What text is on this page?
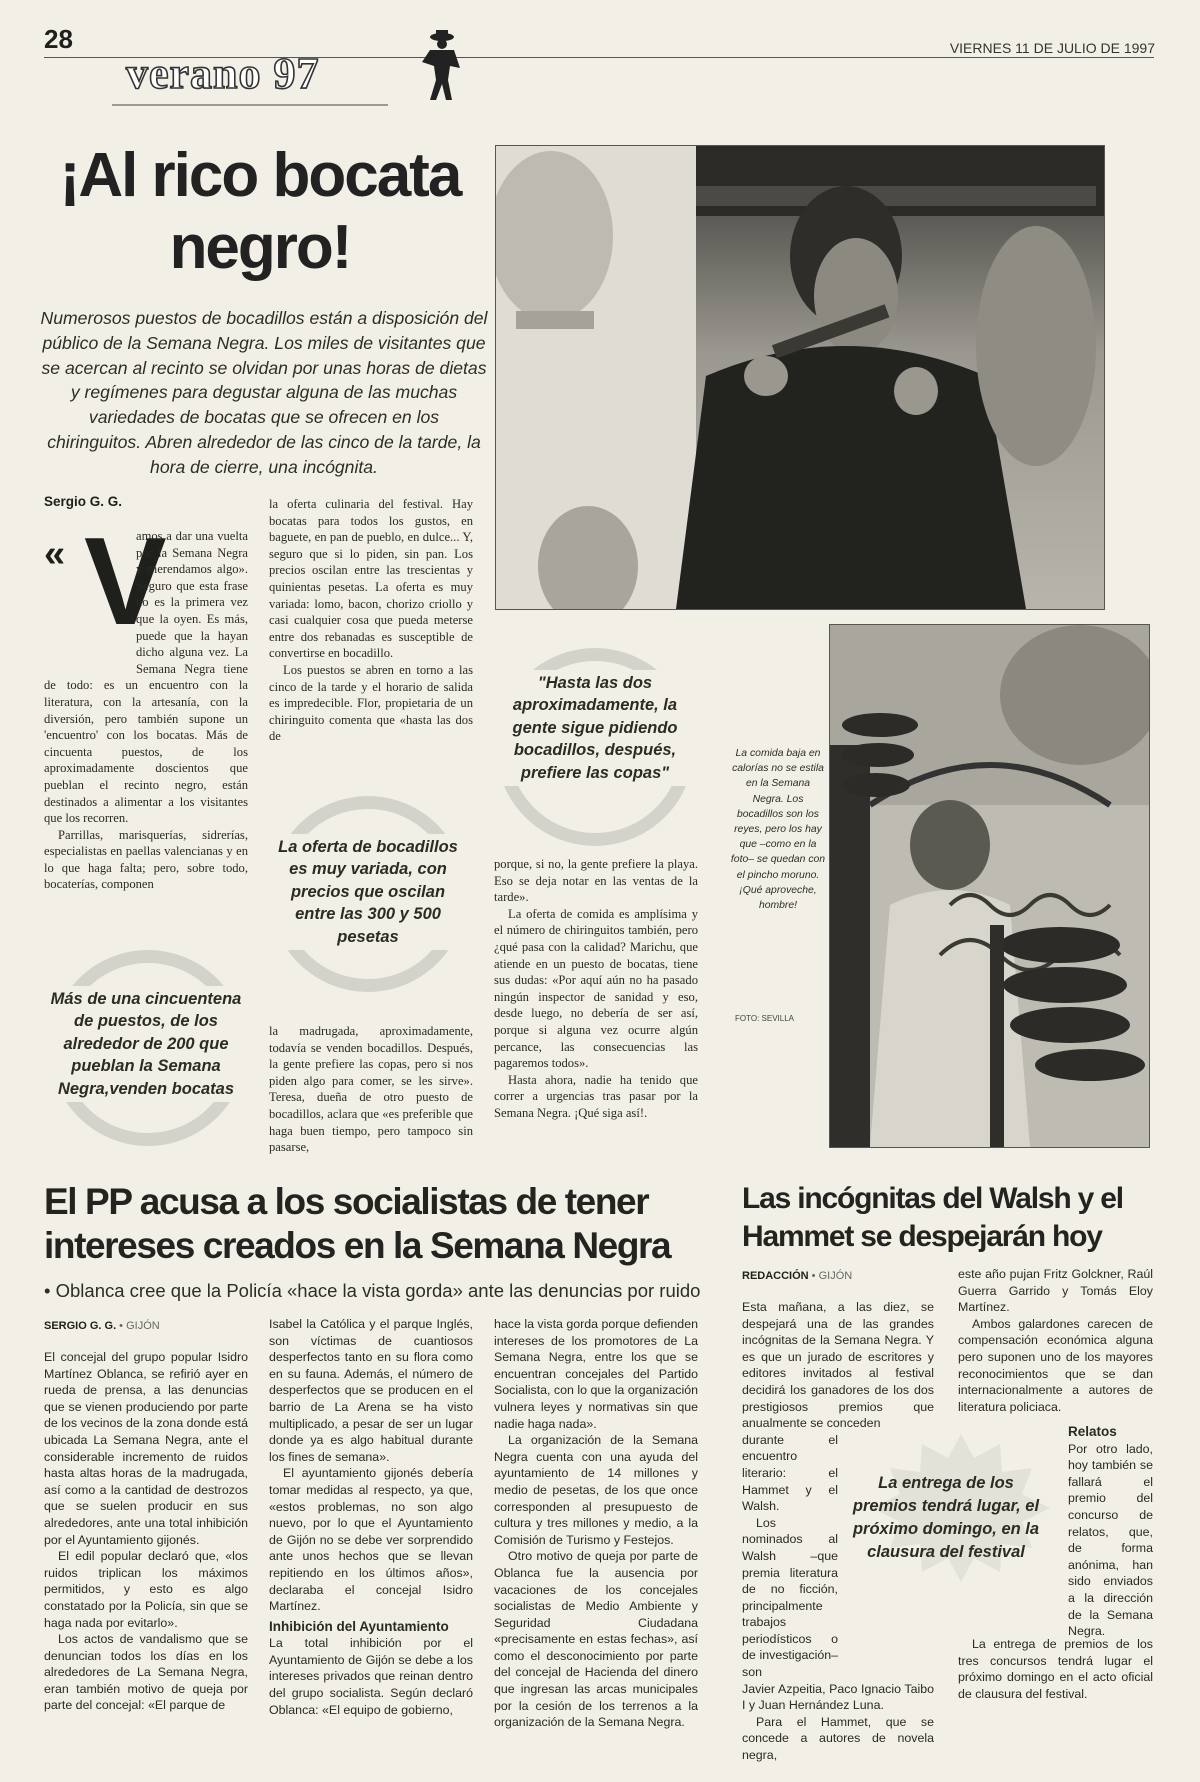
28
verano 97
VIERNES 11 DE JULIO DE 1997
¡Al rico bocata
negro!
Numerosos puestos de bocadillos están a disposición del público de la Semana Negra. Los miles de visitantes que se acercan al recinto se olvidan por unas horas de dietas y regímenes para degustar alguna de las muchas variedades de bocatas que se ofrecen en los chiringuitos. Abren alrededor de las cinco de la tarde, la hora de cierre, una incógnita.
Sergio G. G.
« V

amos a dar una vuelta por la Semana Negra y merendamos algo». Seguro que esta frase no es la primera vez que la oyen. Es más, puede que la hayan dicho alguna vez. La Semana Negra tiene de todo: es un encuentro con la literatura, con la artesanía, con la diversión, pero también supone un 'encuentro' con los bocatas. Más de cincuenta puestos, de los aproximadamente doscientos que pueblan el recinto negro, están destinados a alimentar a los visitantes que los recorren.

Parrillas, marisquerías, sidrerías, especialistas en paellas valencianas y en lo que haga falta; pero, sobre todo, bocaterías, componen

la oferta culinaria del festival. Hay bocatas para todos los gustos, en baguete, en pan de pueblo, en dulce... Y, seguro que si lo piden, sin pan. Los precios oscilan entre las trescientas y quinientas pesetas. La oferta es muy variada: lomo, bacon, chorizo criollo y casi cualquier cosa que pueda meterse entre dos rebanadas es susceptible de convertirse en bocadillo.

Los puestos se abren en torno a las cinco de la tarde y el horario de salida es impredecible. Flor, propietaria de un chiringuito comenta que «hasta las dos de

la madrugada, aproximadamente, todavía se venden bocadillos. Después, la gente prefiere las copas, pero si nos piden algo para comer, se les sirve». Teresa, dueña de otro puesto de bocadillos, aclara que «es preferible que haga buen tiempo, pero tampoco sin pasarse,

porque, si no, la gente prefiere la playa. Eso se deja notar en las ventas de la tarde».

La oferta de comida es amplísima y el número de chiringuitos también, pero ¿qué pasa con la calidad? Marichu, que atiende en un puesto de bocatas, tiene sus dudas: «Por aquí aún no ha pasado ningún inspector de sanidad y eso, desde luego, no debería de ser así, porque si alguna vez ocurre algún percance, las consecuencias las pagaremos todos».

Hasta ahora, nadie ha tenido que correr a urgencias tras pasar por la Semana Negra. ¡Qué siga así!.

"Hasta las dos aproximadamente, la gente sigue pidiendo bocadillos, después, prefiere las copas"
La oferta de bocadillos es muy variada, con precios que oscilan entre las 300 y 500 pesetas
Más de una cincuentena de puestos, de los alrededor de 200 que pueblan la Semana Negra,venden bocatas
La comida baja en calorías no se estila en la Semana Negra. Los bocadillos son los reyes, pero los hay que –como en la foto– se quedan con el pincho moruno. ¡Qué aproveche, hombre!
FOTO: SEVILLA
El PP acusa a los socialistas de tener
intereses creados en la Semana Negra
• Oblanca cree que la Policía «hace la vista gorda» ante las denuncias por ruido
SERGIO G. G. • GIJÓN

El concejal del grupo popular Isidro Martínez Oblanca, se refirió ayer en rueda de prensa, a las denuncias que se vienen produciendo por parte de los vecinos de la zona donde está ubicada La Semana Negra, ante el considerable incremento de ruidos hasta altas horas de la madrugada, así como a la cantidad de destrozos que se suelen producir en sus alrededores, ante una total inhibición por el Ayuntamiento gijonés.

El edil popular declaró que, «los ruidos triplican los máximos permitidos, y esto es algo constatado por la Policía, sin que se haga nada por evitarlo».

Los actos de vandalismo que se denuncian todos los días en los alrededores de La Semana Negra, eran también motivo de queja por parte del concejal: «El parque de

Isabel la Católica y el parque Inglés, son víctimas de cuantiosos desperfectos tanto en su flora como en su fauna. Además, el número de desperfectos que se producen en el barrio de La Arena se ha visto multiplicado, a pesar de ser un lugar donde ya es algo habitual durante los fines de semana».

El ayuntamiento gijonés debería tomar medidas al respecto, ya que, «estos problemas, no son algo nuevo, por lo que el Ayuntamiento de Gijón no se debe ver sorprendido ante unos hechos que se llevan repitiendo en los últimos años», declaraba el concejal Isidro Martínez.

Inhibición del Ayuntamiento

La total inhibición por el Ayuntamiento de Gijón se debe a los intereses privados que reinan dentro del grupo socialista. Según declaró Oblanca: «El equipo de gobierno,

hace la vista gorda porque defienden intereses de los promotores de La Semana Negra, entre los que se encuentran concejales del Partido Socialista, con lo que la organización vulnera leyes y normativas sin que nadie haga nada».

La organización de la Semana Negra cuenta con una ayuda del ayuntamiento de 14 millones y medio de pesetas, de los que once corresponden al presupuesto de cultura y tres millones y medio, a la Comisión de Turismo y Festejos.

Otro motivo de queja por parte de Oblanca fue la ausencia por vacaciones de los concejales socialistas de Medio Ambiente y Seguridad Ciudadana «precisamente en estas fechas», así como el desconocimiento por parte del concejal de Hacienda del dinero que ingresan las arcas municipales por la cesión de los terrenos a la organización de la Semana Negra.

Las incógnitas del Walsh y el
Hammet se despejarán hoy
REDACCIÓN • GIJÓN

Esta mañana, a las diez, se despejará una de las grandes incógnitas de la Semana Negra. Y es que un jurado de escritores y editores invitados al festival decidirá los ganadores de los dos prestigiosos premios que anualmente se conceden

durante el encuentro literario: el Hammet y el Walsh.

Los nominados al Walsh –que premia literatura de no ficción, principalmente trabajos periodísticos o de investigación– son

Javier Azpeitia, Paco Ignacio Taibo I y Juan Hernández Luna.

Para el Hammet, que se concede a autores de novela negra,

este año pujan Fritz Golckner, Raúl Guerra Garrido y Tomás Eloy Martínez.

Ambos galardones carecen de compensación económica alguna pero suponen uno de los mayores reconocimientos que se dan internacionalmente a autores de literatura policiaca.

Relatos

Por otro lado, hoy también se fallará el premio del concurso de relatos, que, de forma anónima, han sido enviados a la dirección de la Semana Negra.

La entrega de premios de los tres concursos tendrá lugar el próximo domingo en el acto oficial de clausura del festival.

La entrega de los premios tendrá lugar, el próximo domingo, en la clausura del festival
